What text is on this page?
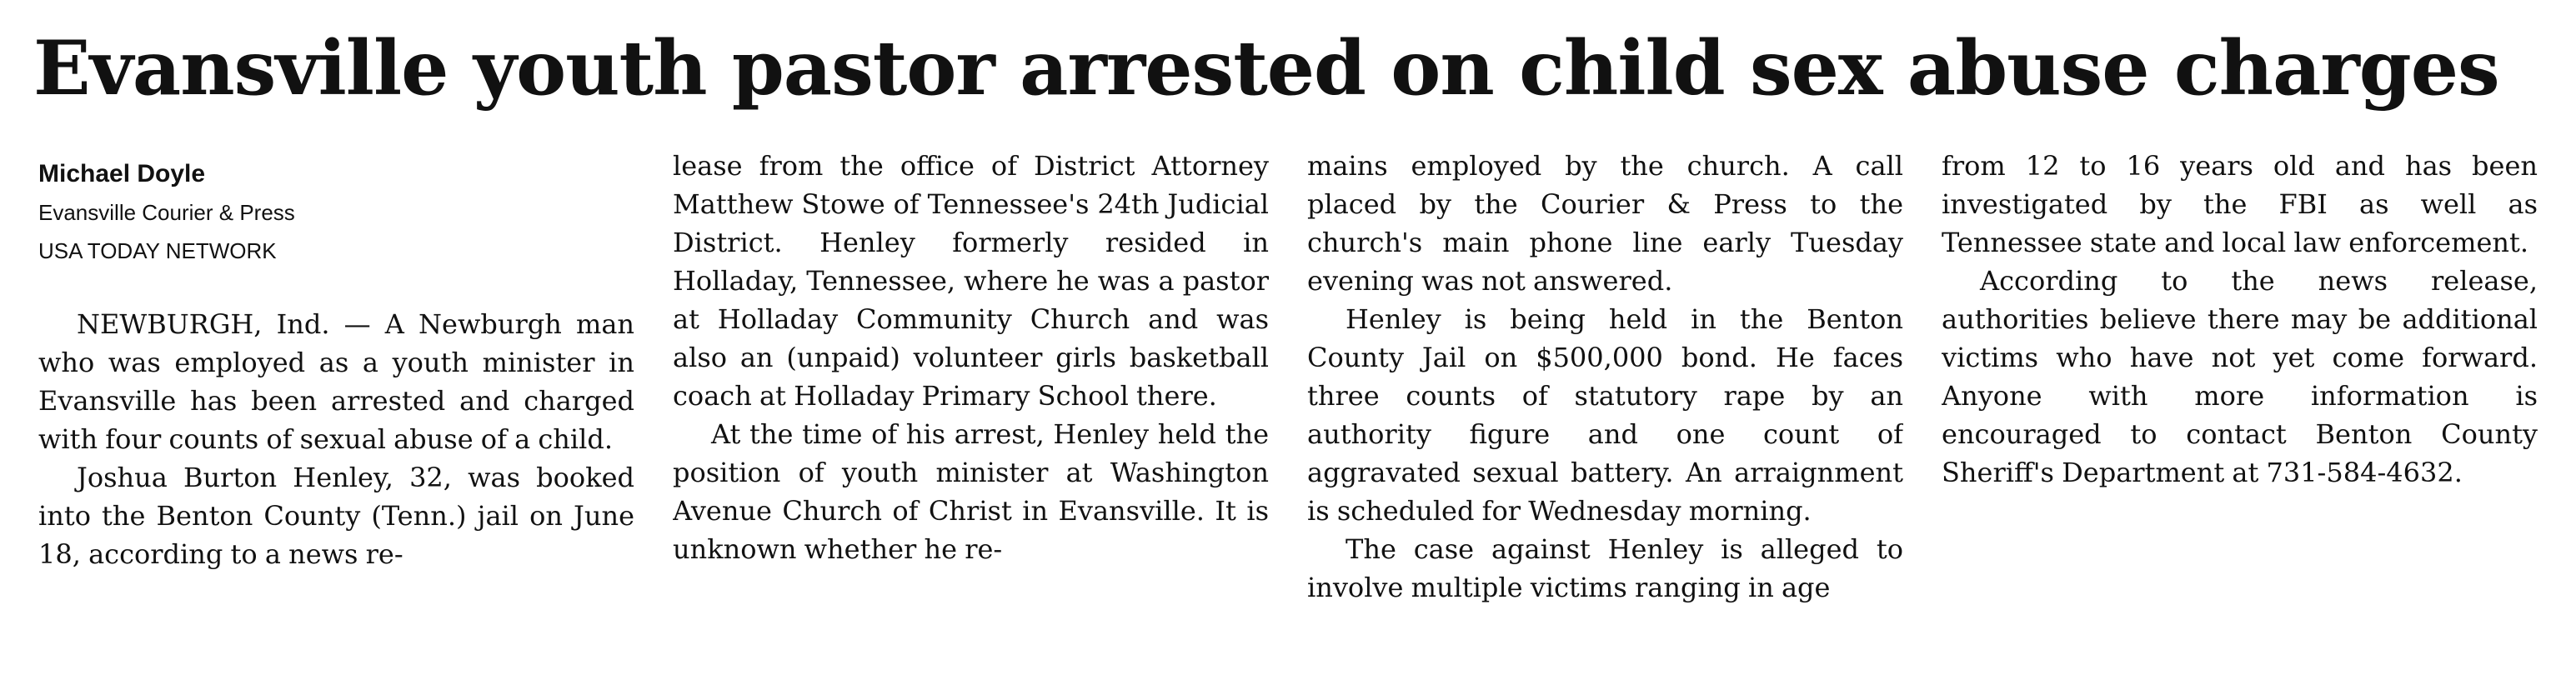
Evansville youth pastor arrested on child sex abuse charges
Michael Doyle
Evansville Courier & Press
USA TODAY NETWORK

NEWBURGH, Ind. — A Newburgh man who was employed as a youth minister in Evansville has been arrested and charged with four counts of sexual abuse of a child.

Joshua Burton Henley, 32, was booked into the Benton County (Tenn.) jail on June 18, according to a news re-

lease from the office of District Attorney Matthew Stowe of Tennessee's 24th Judicial District. Henley formerly resided in Holladay, Tennessee, where he was a pastor at Holladay Community Church and was also an (unpaid) volunteer girls basketball coach at Holladay Primary School there.

At the time of his arrest, Henley held the position of youth minister at Washington Avenue Church of Christ in Evansville. It is unknown whether he re-

mains employed by the church. A call placed by the Courier & Press to the church's main phone line early Tuesday evening was not answered.

Henley is being held in the Benton County Jail on $500,000 bond. He faces three counts of statutory rape by an authority figure and one count of aggravated sexual battery. An arraignment is scheduled for Wednesday morning.

The case against Henley is alleged to involve multiple victims ranging in age

from 12 to 16 years old and has been investigated by the FBI as well as Tennessee state and local law enforcement.

According to the news release, authorities believe there may be additional victims who have not yet come forward. Anyone with more information is encouraged to contact Benton County Sheriff's Department at 731-584-4632.
